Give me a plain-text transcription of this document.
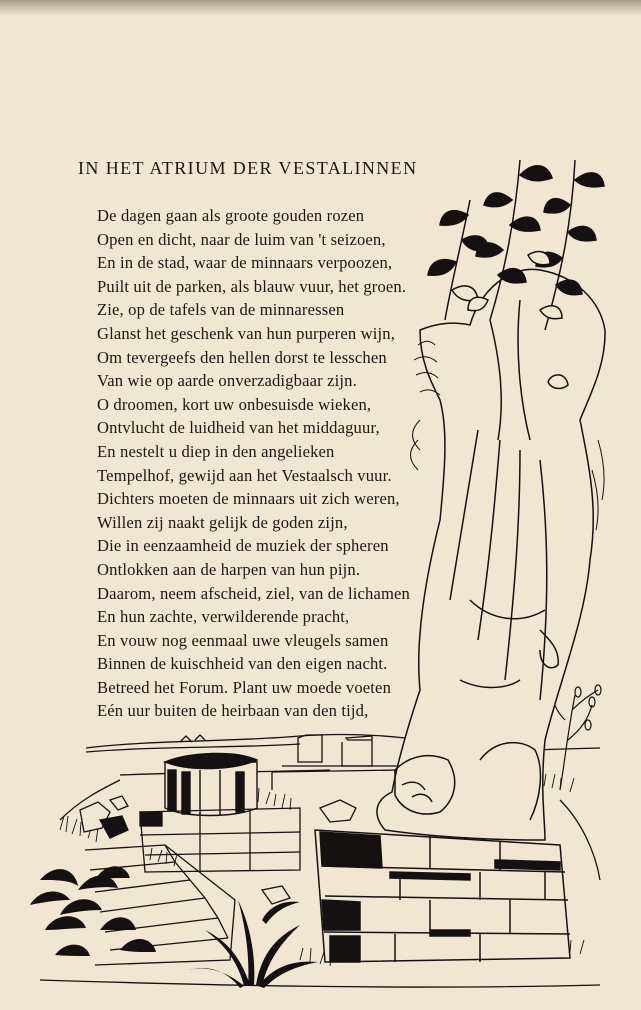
IN HET ATRIUM DER VESTALINNEN
De dagen gaan als groote gouden rozen
Open en dicht, naar de luim van 't seizoen,
En in de stad, waar de minnaars verpoozen,
Puilt uit de parken, als blauw vuur, het groen.
Zie, op de tafels van de minnaressen
Glanst het geschenk van hun purperen wijn,
Om tevergeefs den hellen dorst te lesschen
Van wie op aarde onverzadigbaar zijn.
O droomen, kort uw onbesuisde wieken,
Ontvlucht de luidheid van het middaguur,
En nestelt u diep in den angelieken
Tempelhof, gewijd aan het Vestaalsch vuur.
Dichters moeten de minnaars uit zich weren,
Willen zij naakt gelijk de goden zijn,
Die in eenzaamheid de muziek der spheren
Ontlokken aan de harpen van hun pijn.
Daarom, neem afscheid, ziel, van de lichamen
En hun zachte, verwilderende pracht,
En vouw nog eenmaal uwe vleugels samen
Binnen de kuischheid van den eigen nacht.
Betreed het Forum. Plant uw moede voeten
Eén uur buiten de heirbaan van den tijd,
